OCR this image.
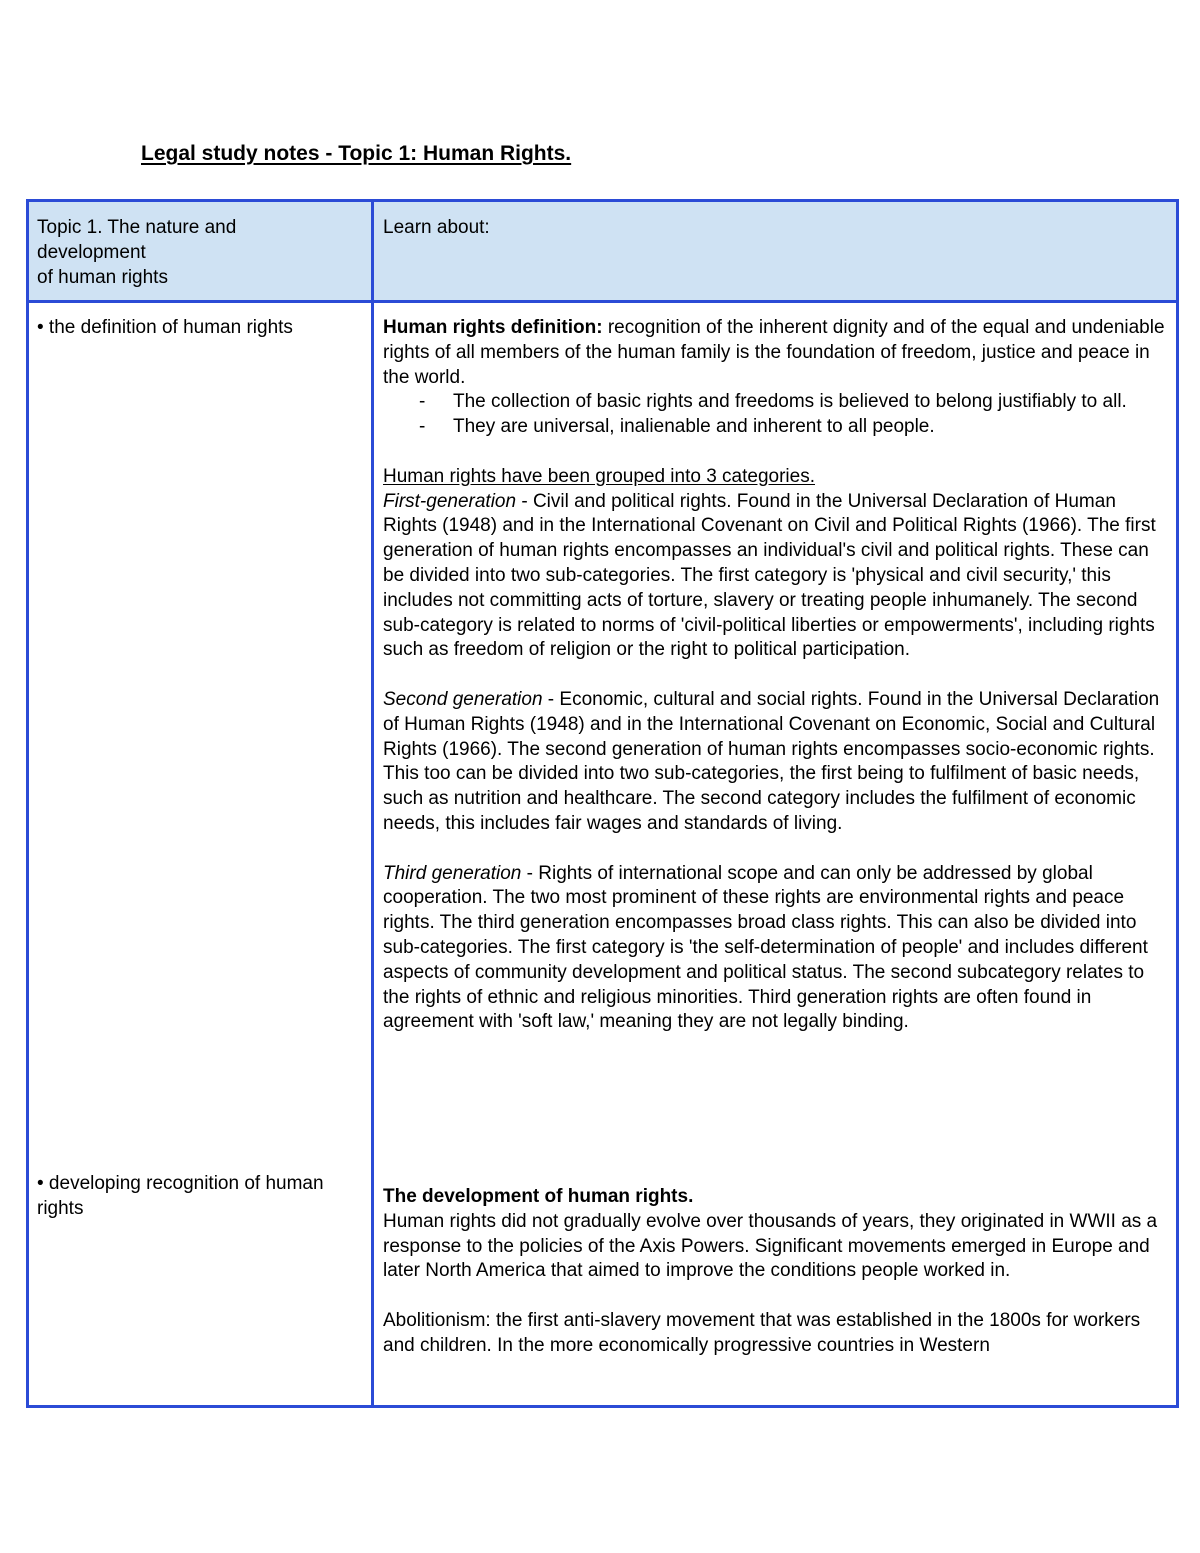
Legal study notes - Topic 1: Human Rights.
Topic 1. The nature and
development
of human rights
Learn about:
• the definition of human rights	Human rights definition: recognition of the inherent dignity and of the equal and undeniable rights of all members of the human family is the foundation of freedom, justice and peace in the world.

- The collection of basic rights and freedoms is believed to belong justifiably to all.
- They are universal, inalienable and inherent to all people.

Human rights have been grouped into 3 categories.

First-generation - Civil and political rights. Found in the Universal Declaration of Human Rights (1948) and in the International Covenant on Civil and Political Rights (1966). The first generation of human rights encompasses an individual's civil and political rights. These can be divided into two sub-categories. The first category is 'physical and civil security,' this includes not committing acts of torture, slavery or treating people inhumanely. The second sub-category is related to norms of 'civil-political liberties or empowerments', including rights such as freedom of religion or the right to political participation.

Second generation - Economic, cultural and social rights. Found in the Universal Declaration of Human Rights (1948) and in the International Covenant on Economic, Social and Cultural Rights (1966). The second generation of human rights encompasses socio-economic rights. This too can be divided into two sub-categories, the first being to fulfilment of basic needs, such as nutrition and healthcare. The second category includes the fulfilment of economic needs, this includes fair wages and standards of living.

Third generation - Rights of international scope and can only be addressed by global cooperation. The two most prominent of these rights are environmental rights and peace rights. The third generation encompasses broad class rights. This can also be divided into sub-categories. The first category is 'the self-determination of people' and includes different aspects of community development and political status. The second subcategory relates to the rights of ethnic and religious minorities. Third generation rights are often found in agreement with 'soft law,' meaning they are not legally binding.

• developing recognition of human rights

The development of human rights.

Human rights did not gradually evolve over thousands of years, they originated in WWII as a response to the policies of the Axis Powers. Significant movements emerged in Europe and later North America that aimed to improve the conditions people worked in.

Abolitionism: the first anti-slavery movement that was established in the 1800s for workers and children. In the more economically progressive countries in Western
